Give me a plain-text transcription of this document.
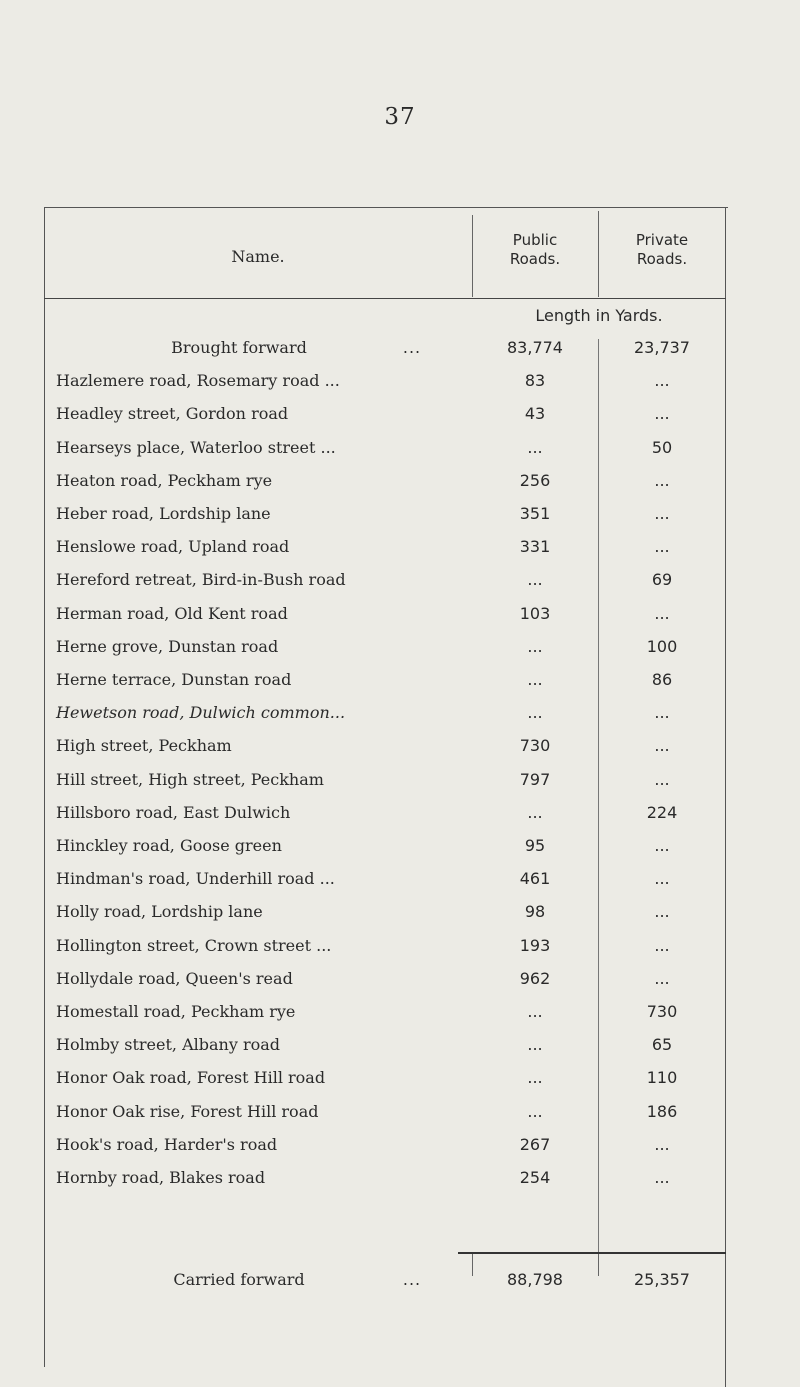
37
Name.
Public
Roads.
Private
Roads.
Length in Yards.
Brought forward	...	83,774	23,737
Hazlemere road, Rosemary road ...	83	...
Headley street, Gordon road	43	...
Hearseys place, Waterloo street ...	...	50
Heaton road, Peckham rye	256	...
Heber road, Lordship lane	351	...
Henslowe road, Upland road	331	...
Hereford retreat, Bird-in-Bush road	...	69
Herman road, Old Kent road	103	...
Herne grove, Dunstan road	...	100
Herne terrace, Dunstan road	...	86
Hewetson road, Dulwich common...	...	...
High street, Peckham	730	...
Hill street, High street, Peckham	797	...
Hillsboro road, East Dulwich	...	224
Hinckley road, Goose green	95	...
Hindman's road, Underhill road ...	461	...
Holly road, Lordship lane	98	...
Hollington street, Crown street ...	193	...
Hollydale road, Queen's read	962	...
Homestall road, Peckham rye	...	730
Holmby street, Albany road	...	65
Honor Oak road, Forest Hill road	...	110
Honor Oak rise, Forest Hill road	...	186
Hook's road, Harder's road	267	...
Hornby road, Blakes road	254	...
Carried forward	...	88,798	25,357
